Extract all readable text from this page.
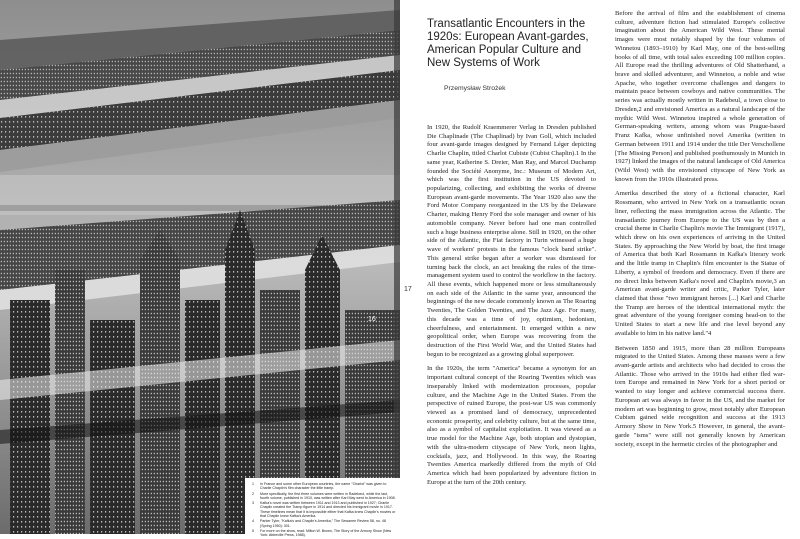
16
1	In France and some other European countries, the name "Charlot" was given to Charlie Chaplin's film character the little tramp.
2	More specifically, the first three volumes were written in Radebeul, while the last, fourth volume, published in 1910, was written after Karl May went to America in 1908.
3	Kafka's novel was written between 1911 and 1913 and published in 1927; Charlie Chaplin created the Tramp figure in 1914 and directed his Immigrant movie in 1917. These timelines mean that it is impossible either that Kafka knew Chaplin's movies or that Chaplin knew Kafka's Amerika.
4	Parker Tyler, "Kafka's and Chaplin's Amerika," The Sewanee Review 58, no. 48 (Spring 1950): 301.
5	For more on the show, read: Milton W. Brown, The Story of the Armory Show (New York: Abbeville Press, 1988).
17
Transatlantic Encounters in the 1920s: European Avant-gardes, American Popular Culture and New Systems of Work
Przemysław Strożek

In 1920, the Rudolf Kraemmerer Verlag in Dresden published Die Chaplinade (The Chaplinad) by Ivan Goll, which included four avant-garde images designed by Fernand Léger depicting Charlie Chaplin, titled Charlot Cubiste (Cubist Chaplin).1 In the same year, Katherine S. Dreier, Man Ray, and Marcel Duchamp founded the Société Anonyme, Inc.: Museum of Modern Art, which was the first institution in the US devoted to popularizing, collecting, and exhibiting the works of diverse European avant-garde movements. The Year 1920 also saw the Ford Motor Company reorganized in the US by the Delaware Charter, making Henry Ford the sole manager and owner of his automobile company. Never before had one man controlled such a huge business enterprise alone. Still in 1920, on the other side of the Atlantic, the Fiat factory in Turin witnessed a huge wave of workers' protests in the famous "clock band strike". This general strike began after a worker was dismissed for turning back the clock, an act breaking the rules of the time-management system used to control the workflow in the factory. All these events, which happened more or less simultaneously on each side of the Atlantic in the same year, announced the beginnings of the new decade commonly known as The Roaring Twenties, The Golden Twenties, and The Jazz Age. For many, this decade was a time of joy, optimism, hedonism, cheerfulness, and entertainment. It emerged within a new geopolitical order, when Europe was recovering from the destruction of the First World War, and the United States had begun to be recognized as a growing global superpower.

In the 1920s, the term "America" became a synonym for an important cultural concept of the Roaring Twenties which was inseparably linked with modernization processes, popular culture, and the Machine Age in the United States. From the perspective of ruined Europe, the post-war US was commonly viewed as a promised land of democracy, unprecedented economic prosperity, and celebrity culture, but at the same time, also as a symbol of capitalist exploitation. It was viewed as a true model for the Machine Age, both utopian and dystopian, with the ultra-modern cityscape of New York, neon lights, cocktails, jazz, and Hollywood. In this way, the Roaring Twenties America markedly differed from the myth of Old America which had been popularized by adventure fiction in Europe at the turn of the 20th century.

Before the arrival of film and the establishment of cinema culture, adventure fiction had stimulated Europe's collective imagination about the American Wild West. These mental images were most notably shaped by the four volumes of Winnetou (1893–1910) by Karl May, one of the best-selling books of all time, with total sales exceeding 100 million copies. All Europe read the thrilling adventures of Old Shatterhand, a brave and skilled adventurer, and Winnetou, a noble and wise Apache, who together overcome challenges and dangers to maintain peace between cowboys and native communities. The series was actually mostly written in Radebeul, a town close to Dresden,2 and envisioned America as a natural landscape of the mythic Wild West. Winnetou inspired a whole generation of German-speaking writers, among whom was Prague-based Franz Kafka, whose unfinished novel Amerika (written in German between 1911 and 1914 under the title Der Verschollene [The Missing Person] and published posthumously in Munich in 1927) linked the images of the natural landscape of Old America (Wild West) with the envisioned cityscape of New York as known from the 1910s illustrated press.

Amerika described the story of a fictional character, Karl Rossmann, who arrived in New York on a transatlantic ocean liner, reflecting the mass immigration across the Atlantic. The transatlantic journey from Europe to the US was by then a crucial theme in Charlie Chaplin's movie The Immigrant (1917), which drew on his own experiences of arriving in the United States. By approaching the New World by boat, the first image of America that both Karl Rossmann in Kafka's literary work and the little tramp in Chaplin's film encounter is the Statue of Liberty, a symbol of freedom and democracy. Even if there are no direct links between Kafka's novel and Chaplin's movie,3 an American avant-garde writer and critic, Parker Tyler, later claimed that those "two immigrant heroes [...] Karl and Charlie the Tramp are heroes of the identical international myth: the great adventure of the young foreigner coming head-on to the United States to start a new life and rise level beyond any available to him in his native land."4

Between 1850 and 1915, more than 28 million Europeans migrated to the United States. Among these masses were a few avant-garde artists and architects who had decided to cross the Atlantic. Those who arrived in the 1910s had either fled war-torn Europe and remained in New York for a short period or wanted to stay longer and achieve commercial success there. European art was always in favor in the US, and the market for modern art was beginning to grow, most notably after European Cubism gained wide recognition and success at the 1913 Armory Show in New York.5 However, in general, the avant-garde "isms" were still not generally known by American society, except in the hermetic circles of the photographer and
